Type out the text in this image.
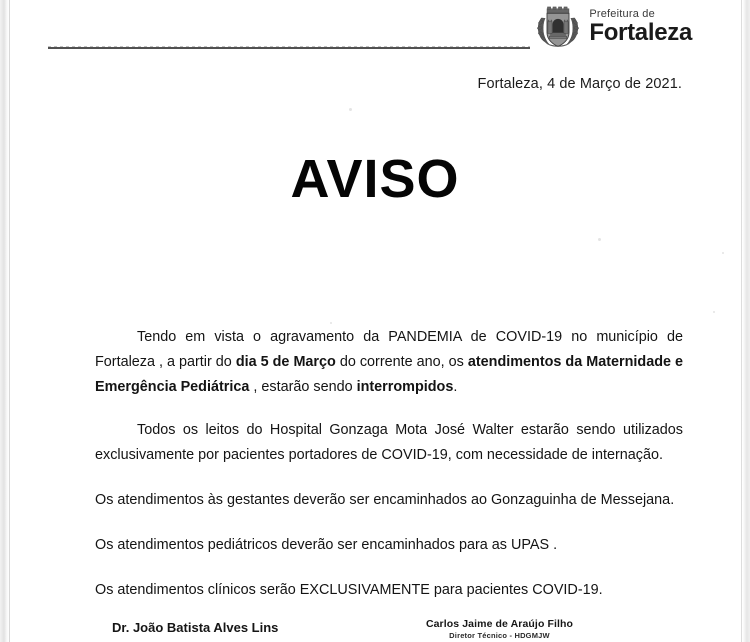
Prefeitura de
Fortaleza
Fortaleza, 4 de Março de 2021.
AVISO

Tendo em vista o agravamento da PANDEMIA de COVID-19 no município de Fortaleza , a partir do dia 5 de Março do corrente ano, os atendimentos da Maternidade e Emergência Pediátrica , estarão sendo interrompidos.

Todos os leitos do Hospital Gonzaga Mota José Walter estarão sendo utilizados exclusivamente por pacientes portadores de COVID-19, com necessidade de internação.

Os atendimentos às gestantes deverão ser encaminhados ao Gonzaguinha de Messejana.

Os atendimentos pediátricos deverão ser encaminhados para as UPAS .

Os atendimentos clínicos serão EXCLUSIVAMENTE para pacientes COVID-19.

Dr. João Batista Alves Lins	Carlos Jaime de Araújo Filho
Diretor Técnico - HDGMJW
